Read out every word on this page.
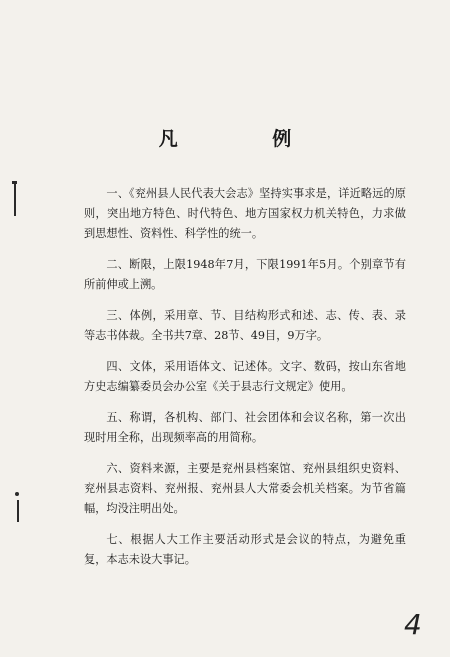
凡 例

一、《兖州县人民代表大会志》坚持实事求是，详近略远的原则，突出地方特色、时代特色、地方国家权力机关特色，力求做到思想性、资料性、科学性的统一。

二、断限，上限1948年7月，下限1991年5月。个别章节有所前伸或上溯。

三、体例，采用章、节、目结构形式和述、志、传、表、录等志书体裁。全书共7章、28节、49目，9万字。

四、文体，采用语体文、记述体。文字、数码，按山东省地方史志编纂委员会办公室《关于县志行文规定》使用。

五、称谓，各机构、部门、社会团体和会议名称，第一次出现时用全称，出现频率高的用简称。

六、资料来源，主要是兖州县档案馆、兖州县组织史资料、兖州县志资料、兖州报、兖州县人大常委会机关档案。为节省篇幅，均没注明出处。

七、根据人大工作主要活动形式是会议的特点，为避免重复，本志未设大事记。

4
